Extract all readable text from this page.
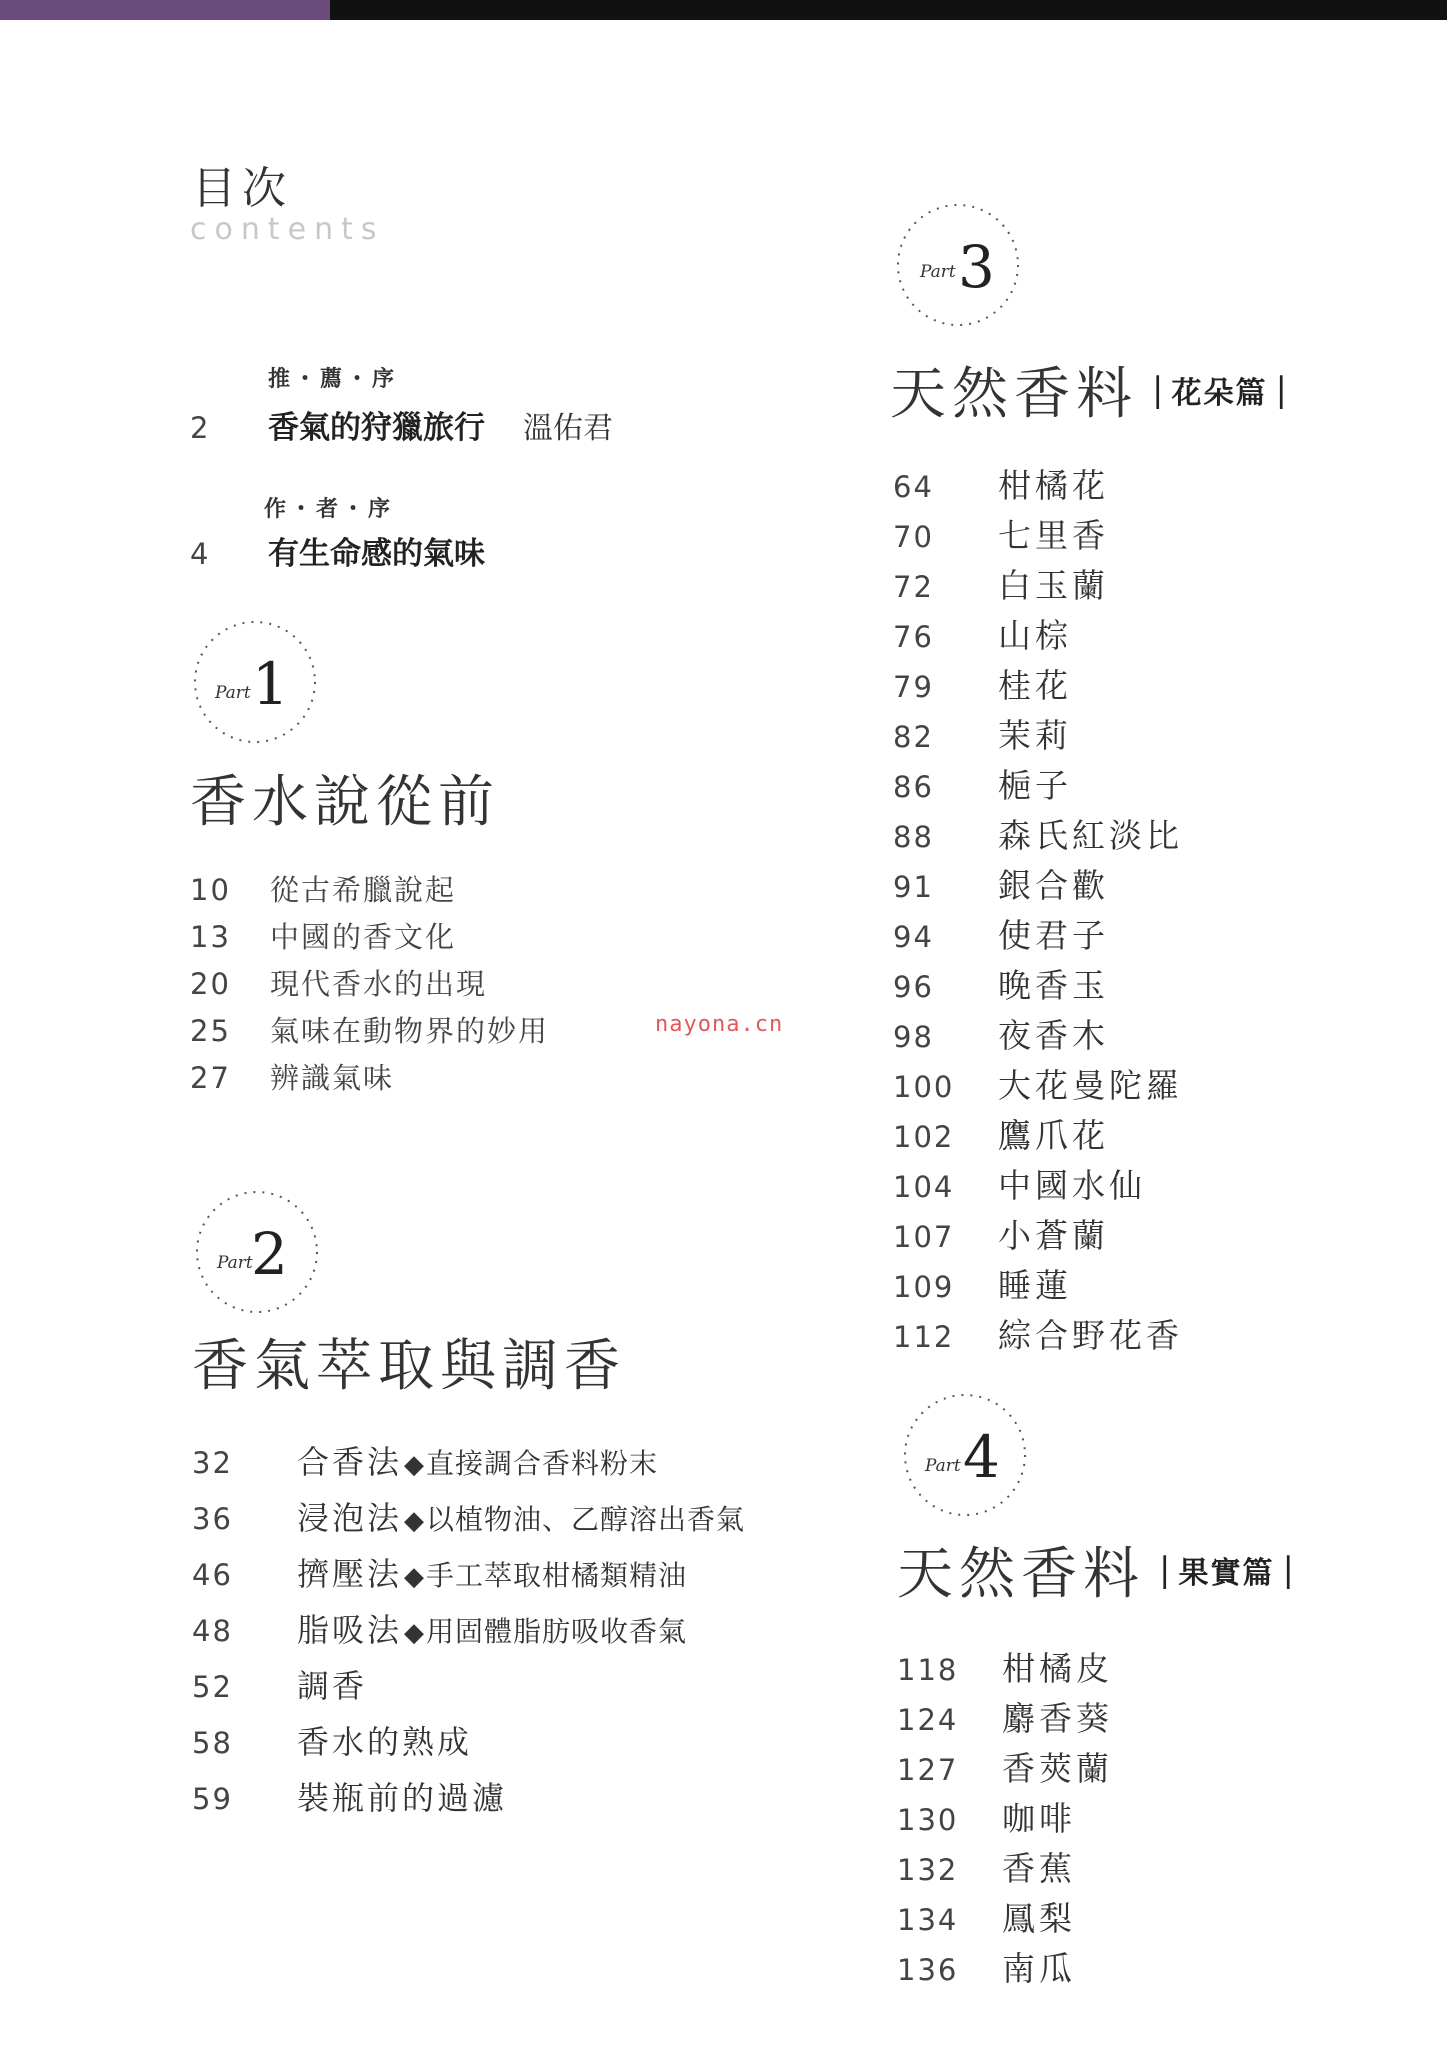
目次
contents
推・薦・序
2	香氣的狩獵旅行 溫佑君
作・者・序
4	有生命感的氣味
Part 1
香水說從前
10	從古希臘說起
13	中國的香文化
20	現代香水的出現
25	氣味在動物界的妙用
27	辨識氣味
Part
2
香氣萃取與調香
32	合香法 ◆ 直接調合香料粉末
36	浸泡法 ◆ 以植物油、乙醇溶出香氣
46	擠壓法 ◆ 手工萃取柑橘類精油
48	脂吸法 ◆ 用固體脂肪吸收香氣
52	調香
58	香水的熟成
59	裝瓶前的過濾
Part 3
天然香料 | 花朵篇 |
64	柑橘花
70	七里香
72	白玉蘭
76	山棕
79	桂花
82	茉莉
86	梔子
88	森氏紅淡比
91	銀合歡
94	使君子
96	晚香玉
98	夜香木
100	大花曼陀羅
102	鷹爪花
104	中國水仙
107	小蒼蘭
109	睡蓮
112	綜合野花香
Part 4
天然香料 | 果實篇 |
118	柑橘皮
124	麝香葵
127	香莢蘭
130	咖啡
132	香蕉
134	鳳梨
136	南瓜
nayona.cn
